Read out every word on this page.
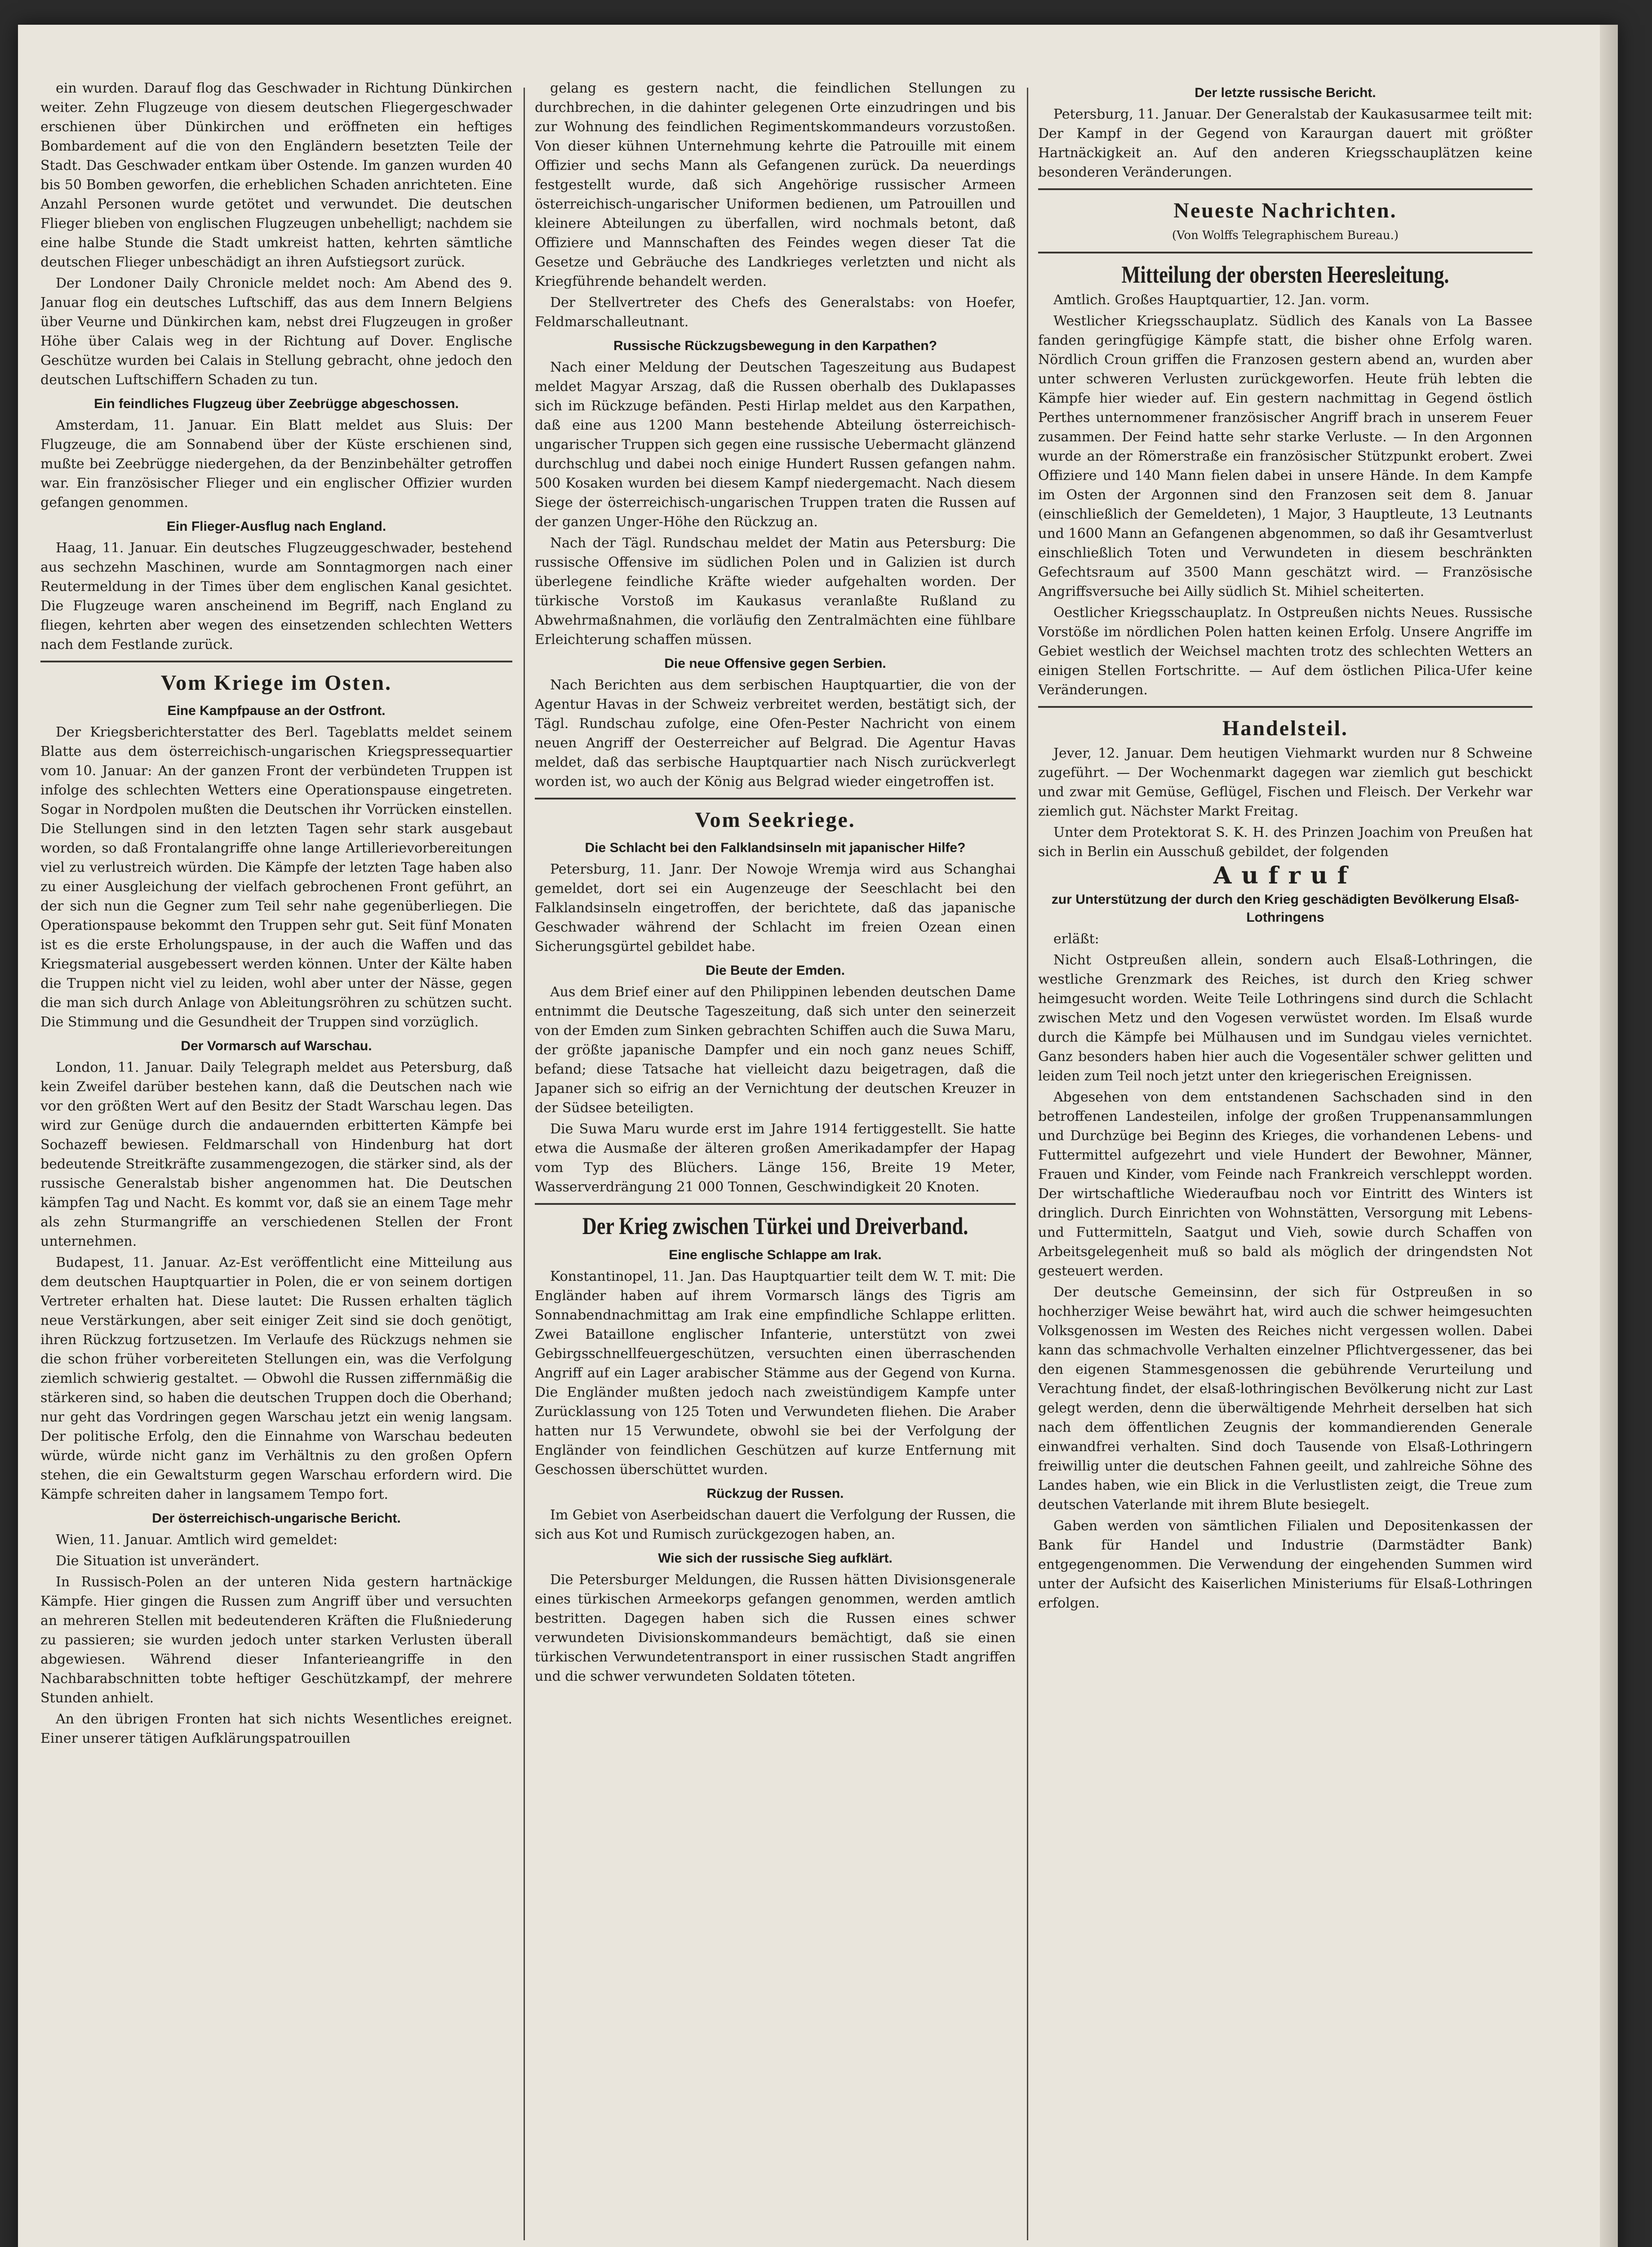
ein wurden. Darauf flog das Geschwader in Richtung Dünkirchen weiter. Zehn Flugzeuge von diesem deutschen Fliegergeschwader erschienen über Dünkirchen und eröffneten ein heftiges Bombardement auf die von den Engländern besetzten Teile der Stadt. Das Geschwader entkam über Ostende. Im ganzen wurden 40 bis 50 Bomben geworfen, die erheblichen Schaden anrichteten. Eine Anzahl Personen wurde getötet und verwundet. Die deutschen Flieger blieben von englischen Flugzeugen unbehelligt; nachdem sie eine halbe Stunde die Stadt umkreist hatten, kehrten sämtliche deutschen Flieger unbeschädigt an ihren Aufstiegsort zurück.

Der Londoner Daily Chronicle meldet noch: Am Abend des 9. Januar flog ein deutsches Luftschiff, das aus dem Innern Belgiens über Veurne und Dünkirchen kam, nebst drei Flugzeugen in großer Höhe über Calais weg in der Richtung auf Dover. Englische Geschütze wurden bei Calais in Stellung gebracht, ohne jedoch den deutschen Luftschiffern Schaden zu tun.

Ein feindliches Flugzeug über Zeebrügge abgeschossen.

Amsterdam, 11. Januar. Ein Blatt meldet aus Sluis: Der Flugzeuge, die am Sonnabend über der Küste erschienen sind, mußte bei Zeebrügge niedergehen, da der Benzinbehälter getroffen war. Ein französischer Flieger und ein englischer Offizier wurden gefangen genommen.

Ein Flieger-Ausflug nach England.

Haag, 11. Januar. Ein deutsches Flugzeuggeschwader, bestehend aus sechzehn Maschinen, wurde am Sonntagmorgen nach einer Reutermeldung in der Times über dem englischen Kanal gesichtet. Die Flugzeuge waren anscheinend im Begriff, nach England zu fliegen, kehrten aber wegen des einsetzenden schlechten Wetters nach dem Festlande zurück.

Vom Kriege im Osten.
Eine Kampfpause an der Ostfront.

Der Kriegsberichterstatter des Berl. Tageblatts meldet seinem Blatte aus dem österreichisch-ungarischen Kriegspressequartier vom 10. Januar: An der ganzen Front der verbündeten Truppen ist infolge des schlechten Wetters eine Operationspause eingetreten. Sogar in Nordpolen mußten die Deutschen ihr Vorrücken einstellen. Die Stellungen sind in den letzten Tagen sehr stark ausgebaut worden, so daß Frontalangriffe ohne lange Artillerievorbereitungen viel zu verlustreich würden. Die Kämpfe der letzten Tage haben also zu einer Ausgleichung der vielfach gebrochenen Front geführt, an der sich nun die Gegner zum Teil sehr nahe gegenüberliegen. Die Operationspause bekommt den Truppen sehr gut. Seit fünf Monaten ist es die erste Erholungspause, in der auch die Waffen und das Kriegsmaterial ausgebessert werden können. Unter der Kälte haben die Truppen nicht viel zu leiden, wohl aber unter der Nässe, gegen die man sich durch Anlage von Ableitungsröhren zu schützen sucht. Die Stimmung und die Gesundheit der Truppen sind vorzüglich.

Der Vormarsch auf Warschau.

London, 11. Januar. Daily Telegraph meldet aus Petersburg, daß kein Zweifel darüber bestehen kann, daß die Deutschen nach wie vor den größten Wert auf den Besitz der Stadt Warschau legen. Das wird zur Genüge durch die andauernden erbitterten Kämpfe bei Sochazeff bewiesen. Feldmarschall von Hindenburg hat dort bedeutende Streitkräfte zusammengezogen, die stärker sind, als der russische Generalstab bisher angenommen hat. Die Deutschen kämpfen Tag und Nacht. Es kommt vor, daß sie an einem Tage mehr als zehn Sturmangriffe an verschiedenen Stellen der Front unternehmen.

Budapest, 11. Januar. Az-Est veröffentlicht eine Mitteilung aus dem deutschen Hauptquartier in Polen, die er von seinem dortigen Vertreter erhalten hat. Diese lautet: Die Russen erhalten täglich neue Verstärkungen, aber seit einiger Zeit sind sie doch genötigt, ihren Rückzug fortzusetzen. Im Verlaufe des Rückzugs nehmen sie die schon früher vorbereiteten Stellungen ein, was die Verfolgung ziemlich schwierig gestaltet. — Obwohl die Russen ziffernmäßig die stärkeren sind, so haben die deutschen Truppen doch die Oberhand; nur geht das Vordringen gegen Warschau jetzt ein wenig langsam. Der politische Erfolg, den die Einnahme von Warschau bedeuten würde, würde nicht ganz im Verhältnis zu den großen Opfern stehen, die ein Gewaltsturm gegen Warschau erfordern wird. Die Kämpfe schreiten daher in langsamem Tempo fort.

Der österreichisch-ungarische Bericht.

Wien, 11. Januar. Amtlich wird gemeldet:

Die Situation ist unverändert.

In Russisch-Polen an der unteren Nida gestern hartnäckige Kämpfe. Hier gingen die Russen zum Angriff über und versuchten an mehreren Stellen mit bedeutenderen Kräften die Flußniederung zu passieren; sie wurden jedoch unter starken Verlusten überall abgewiesen. Während dieser Infanterieangriffe in den Nachbarabschnitten tobte heftiger Geschützkampf, der mehrere Stunden anhielt.

An den übrigen Fronten hat sich nichts Wesentliches ereignet. Einer unserer tätigen Aufklärungspatrouillen

gelang es gestern nacht, die feindlichen Stellungen zu durchbrechen, in die dahinter gelegenen Orte einzudringen und bis zur Wohnung des feindlichen Regimentskommandeurs vorzustoßen. Von dieser kühnen Unternehmung kehrte die Patrouille mit einem Offizier und sechs Mann als Gefangenen zurück. Da neuerdings festgestellt wurde, daß sich Angehörige russischer Armeen österreichisch-ungarischer Uniformen bedienen, um Patrouillen und kleinere Abteilungen zu überfallen, wird nochmals betont, daß Offiziere und Mannschaften des Feindes wegen dieser Tat die Gesetze und Gebräuche des Landkrieges verletzten und nicht als Kriegführende behandelt werden.

Der Stellvertreter des Chefs des Generalstabs: von Hoefer, Feldmarschalleutnant.

Russische Rückzugsbewegung in den Karpathen?

Nach einer Meldung der Deutschen Tageszeitung aus Budapest meldet Magyar Arszag, daß die Russen oberhalb des Duklapasses sich im Rückzuge befänden. Pesti Hirlap meldet aus den Karpathen, daß eine aus 1200 Mann bestehende Abteilung österreichisch-ungarischer Truppen sich gegen eine russische Uebermacht glänzend durchschlug und dabei noch einige Hundert Russen gefangen nahm. 500 Kosaken wurden bei diesem Kampf niedergemacht. Nach diesem Siege der österreichisch-ungarischen Truppen traten die Russen auf der ganzen Unger-Höhe den Rückzug an.

Nach der Tägl. Rundschau meldet der Matin aus Petersburg: Die russische Offensive im südlichen Polen und in Galizien ist durch überlegene feindliche Kräfte wieder aufgehalten worden. Der türkische Vorstoß im Kaukasus veranlaßte Rußland zu Abwehrmaßnahmen, die vorläufig den Zentralmächten eine fühlbare Erleichterung schaffen müssen.

Die neue Offensive gegen Serbien.

Nach Berichten aus dem serbischen Hauptquartier, die von der Agentur Havas in der Schweiz verbreitet werden, bestätigt sich, der Tägl. Rundschau zufolge, eine Ofen-Pester Nachricht von einem neuen Angriff der Oesterreicher auf Belgrad. Die Agentur Havas meldet, daß das serbische Hauptquartier nach Nisch zurückverlegt worden ist, wo auch der König aus Belgrad wieder eingetroffen ist.

Vom Seekriege.
Die Schlacht bei den Falklandsinseln mit japanischer Hilfe?

Petersburg, 11. Janr. Der Nowoje Wremja wird aus Schanghai gemeldet, dort sei ein Augenzeuge der Seeschlacht bei den Falklandsinseln eingetroffen, der berichtete, daß das japanische Geschwader während der Schlacht im freien Ozean einen Sicherungsgürtel gebildet habe.

Die Beute der Emden.

Aus dem Brief einer auf den Philippinen lebenden deutschen Dame entnimmt die Deutsche Tageszeitung, daß sich unter den seinerzeit von der Emden zum Sinken gebrachten Schiffen auch die Suwa Maru, der größte japanische Dampfer und ein noch ganz neues Schiff, befand; diese Tatsache hat vielleicht dazu beigetragen, daß die Japaner sich so eifrig an der Vernichtung der deutschen Kreuzer in der Südsee beteiligten.

Die Suwa Maru wurde erst im Jahre 1914 fertiggestellt. Sie hatte etwa die Ausmaße der älteren großen Amerikadampfer der Hapag vom Typ des Blüchers. Länge 156, Breite 19 Meter, Wasserverdrängung 21 000 Tonnen, Geschwindigkeit 20 Knoten.

Der Krieg zwischen Türkei und Dreiverband.
Eine englische Schlappe am Irak.

Konstantinopel, 11. Jan. Das Hauptquartier teilt dem W. T. mit: Die Engländer haben auf ihrem Vormarsch längs des Tigris am Sonnabendnachmittag am Irak eine empfindliche Schlappe erlitten. Zwei Bataillone englischer Infanterie, unterstützt von zwei Gebirgsschnellfeuergeschützen, versuchten einen überraschenden Angriff auf ein Lager arabischer Stämme aus der Gegend von Kurna. Die Engländer mußten jedoch nach zweistündigem Kampfe unter Zurücklassung von 125 Toten und Verwundeten fliehen. Die Araber hatten nur 15 Verwundete, obwohl sie bei der Verfolgung der Engländer von feindlichen Geschützen auf kurze Entfernung mit Geschossen überschüttet wurden.

Rückzug der Russen.

Im Gebiet von Aserbeidschan dauert die Verfolgung der Russen, die sich aus Kot und Rumisch zurückgezogen haben, an.

Wie sich der russische Sieg aufklärt.

Die Petersburger Meldungen, die Russen hätten Divisionsgenerale eines türkischen Armeekorps gefangen genommen, werden amtlich bestritten. Dagegen haben sich die Russen eines schwer verwundeten Divisionskommandeurs bemächtigt, daß sie einen türkischen Verwundetentransport in einer russischen Stadt angriffen und die schwer verwundeten Soldaten töteten.

Der letzte russische Bericht.

Petersburg, 11. Januar. Der Generalstab der Kaukasusarmee teilt mit: Der Kampf in der Gegend von Karaurgan dauert mit größter Hartnäckigkeit an. Auf den anderen Kriegsschauplätzen keine besonderen Veränderungen.

Neueste Nachrichten.
(Von Wolffs Telegraphischem Bureau.)
Mitteilung der obersten Heeresleitung.

Amtlich. Großes Hauptquartier, 12. Jan. vorm.

Westlicher Kriegsschauplatz. Südlich des Kanals von La Bassee fanden geringfügige Kämpfe statt, die bisher ohne Erfolg waren. Nördlich Croun griffen die Franzosen gestern abend an, wurden aber unter schweren Verlusten zurückgeworfen. Heute früh lebten die Kämpfe hier wieder auf. Ein gestern nachmittag in Gegend östlich Perthes unternommener französischer Angriff brach in unserem Feuer zusammen. Der Feind hatte sehr starke Verluste. — In den Argonnen wurde an der Römerstraße ein französischer Stützpunkt erobert. Zwei Offiziere und 140 Mann fielen dabei in unsere Hände. In dem Kampfe im Osten der Argonnen sind den Franzosen seit dem 8. Januar (einschließlich der Gemeldeten), 1 Major, 3 Hauptleute, 13 Leutnants und 1600 Mann an Gefangenen abgenommen, so daß ihr Gesamtverlust einschließlich Toten und Verwundeten in diesem beschränkten Gefechtsraum auf 3500 Mann geschätzt wird. — Französische Angriffsversuche bei Ailly südlich St. Mihiel scheiterten.

Oestlicher Kriegsschauplatz. In Ostpreußen nichts Neues. Russische Vorstöße im nördlichen Polen hatten keinen Erfolg. Unsere Angriffe im Gebiet westlich der Weichsel machten trotz des schlechten Wetters an einigen Stellen Fortschritte. — Auf dem östlichen Pilica-Ufer keine Veränderungen.

Handelsteil.

Jever, 12. Januar. Dem heutigen Viehmarkt wurden nur 8 Schweine zugeführt. — Der Wochenmarkt dagegen war ziemlich gut beschickt und zwar mit Gemüse, Geflügel, Fischen und Fleisch. Der Verkehr war ziemlich gut. Nächster Markt Freitag.

Unter dem Protektorat S. K. H. des Prinzen Joachim von Preußen hat sich in Berlin ein Ausschuß gebildet, der folgenden

Aufruf
zur Unterstützung der durch den Krieg geschädigten Bevölkerung Elsaß-Lothringens

erläßt:

Nicht Ostpreußen allein, sondern auch Elsaß-Lothringen, die westliche Grenzmark des Reiches, ist durch den Krieg schwer heimgesucht worden. Weite Teile Lothringens sind durch die Schlacht zwischen Metz und den Vogesen verwüstet worden. Im Elsaß wurde durch die Kämpfe bei Mülhausen und im Sundgau vieles vernichtet. Ganz besonders haben hier auch die Vogesentäler schwer gelitten und leiden zum Teil noch jetzt unter den kriegerischen Ereignissen.

Abgesehen von dem entstandenen Sachschaden sind in den betroffenen Landesteilen, infolge der großen Truppenansammlungen und Durchzüge bei Beginn des Krieges, die vorhandenen Lebens- und Futtermittel aufgezehrt und viele Hundert der Bewohner, Männer, Frauen und Kinder, vom Feinde nach Frankreich verschleppt worden. Der wirtschaftliche Wiederaufbau noch vor Eintritt des Winters ist dringlich. Durch Einrichten von Wohnstätten, Versorgung mit Lebens- und Futtermitteln, Saatgut und Vieh, sowie durch Schaffen von Arbeitsgelegenheit muß so bald als möglich der dringendsten Not gesteuert werden.

Der deutsche Gemeinsinn, der sich für Ostpreußen in so hochherziger Weise bewährt hat, wird auch die schwer heimgesuchten Volksgenossen im Westen des Reiches nicht vergessen wollen. Dabei kann das schmachvolle Verhalten einzelner Pflichtvergessener, das bei den eigenen Stammesgenossen die gebührende Verurteilung und Verachtung findet, der elsaß-lothringischen Bevölkerung nicht zur Last gelegt werden, denn die überwältigende Mehrheit derselben hat sich nach dem öffentlichen Zeugnis der kommandierenden Generale einwandfrei verhalten. Sind doch Tausende von Elsaß-Lothringern freiwillig unter die deutschen Fahnen geeilt, und zahlreiche Söhne des Landes haben, wie ein Blick in die Verlustlisten zeigt, die Treue zum deutschen Vaterlande mit ihrem Blute besiegelt.

Gaben werden von sämtlichen Filialen und Depositenkassen der Bank für Handel und Industrie (Darmstädter Bank) entgegengenommen. Die Verwendung der eingehenden Summen wird unter der Aufsicht des Kaiserlichen Ministeriums für Elsaß-Lothringen erfolgen.
